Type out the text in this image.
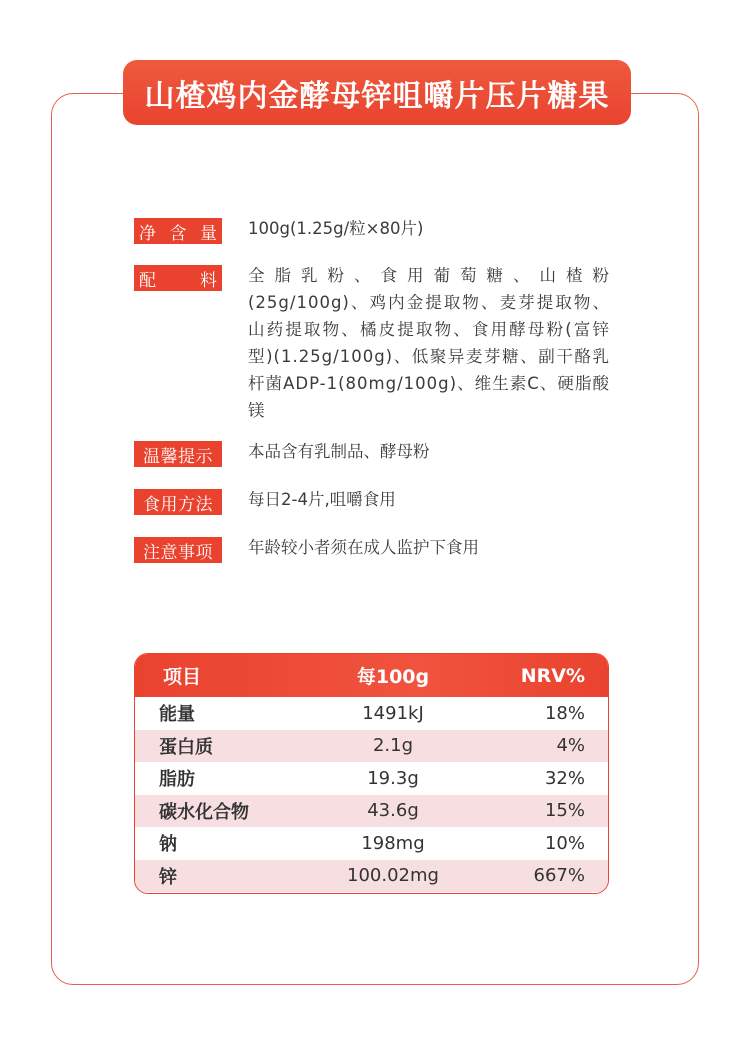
山楂鸡内金酵母锌咀嚼片压片糖果
净 含 量 100g(1.25g/粒×80片)
配	料 全脂乳粉、食用葡萄糖、山楂粉(25g/100g)、鸡内金提取物、麦芽提取物、山药提取物、橘皮提取物、食用酵母粉(富锌型)(1.25g/100g)、低聚异麦芽糖、副干酪乳杆菌ADP-1(80mg/100g)、维生素C、硬脂酸镁
温馨提示	本品含有乳制品、酵母粉
食用方法	每日2-4片,咀嚼食用
注意事项	年龄较小者须在成人监护下食用
项目	每100g	NRV%
能量	1491kJ	18%
蛋白质	2.1g	4%
脂肪	19.3g	32%
碳水化合物	43.6g	15%
钠	198mg	10%
锌	100.02mg	667%
